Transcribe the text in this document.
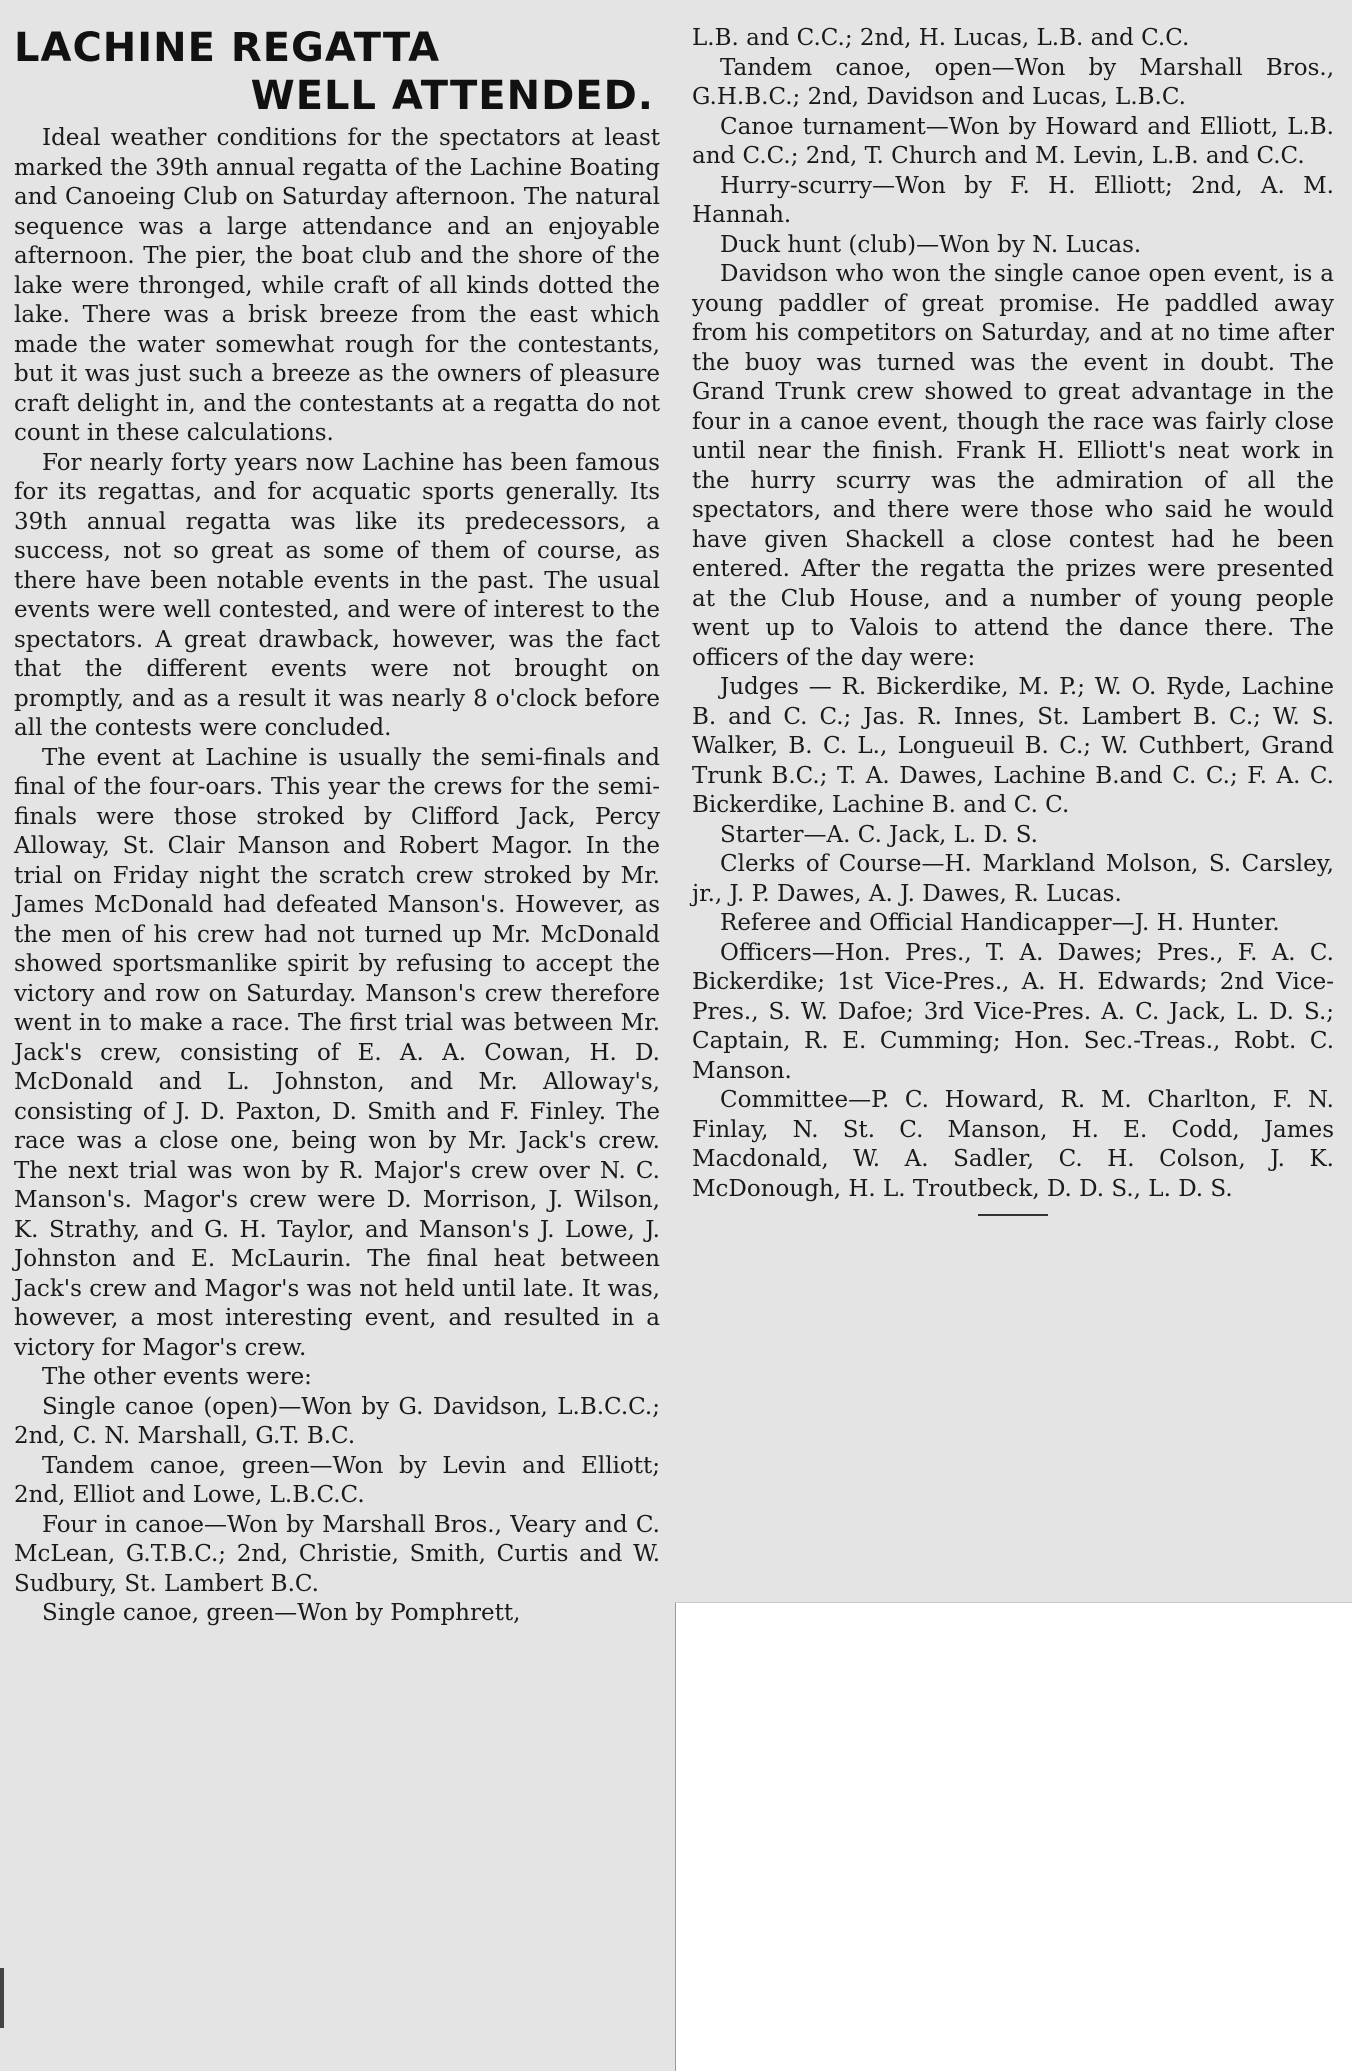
LACHINE REGATTA
WELL ATTENDED.

Ideal weather conditions for the spectators at least marked the 39th annual regatta of the Lachine Boating and Canoeing Club on Saturday afternoon. The natural sequence was a large attendance and an enjoyable afternoon. The pier, the boat club and the shore of the lake were thronged, while craft of all kinds dotted the lake. There was a brisk breeze from the east which made the water somewhat rough for the contestants, but it was just such a breeze as the owners of pleasure craft delight in, and the contestants at a regatta do not count in these calculations.

For nearly forty years now Lachine has been famous for its regattas, and for acquatic sports generally. Its 39th annual regatta was like its predecessors, a success, not so great as some of them of course, as there have been notable events in the past. The usual events were well contested, and were of interest to the spectators. A great drawback, however, was the fact that the different events were not brought on promptly, and as a result it was nearly 8 o'clock before all the contests were concluded.

The event at Lachine is usually the semi-finals and final of the four-oars. This year the crews for the semi-finals were those stroked by Clifford Jack, Percy Alloway, St. Clair Manson and Robert Magor. In the trial on Friday night the scratch crew stroked by Mr. James McDonald had defeated Manson's. However, as the men of his crew had not turned up Mr. McDonald showed sportsmanlike spirit by refusing to accept the victory and row on Saturday. Manson's crew therefore went in to make a race. The first trial was between Mr. Jack's crew, consisting of E. A. A. Cowan, H. D. McDonald and L. Johnston, and Mr. Alloway's, consisting of J. D. Paxton, D. Smith and F. Finley. The race was a close one, being won by Mr. Jack's crew. The next trial was won by R. Major's crew over N. C. Manson's. Magor's crew were D. Morrison, J. Wilson, K. Strathy, and G. H. Taylor, and Manson's J. Lowe, J. Johnston and E. McLaurin. The final heat between Jack's crew and Magor's was not held until late. It was, however, a most interesting event, and resulted in a victory for Magor's crew.

The other events were:

Single canoe (open)—Won by G. Davidson, L.B.C.C.; 2nd, C. N. Marshall, G.T. B.C.

Tandem canoe, green—Won by Levin and Elliott; 2nd, Elliot and Lowe, L.B.C.C.

Four in canoe—Won by Marshall Bros., Veary and C. McLean, G.T.B.C.; 2nd, Christie, Smith, Curtis and W. Sudbury, St. Lambert B.C.

Single canoe, green—Won by Pomphrett,

L.B. and C.C.; 2nd, H. Lucas, L.B. and C.C.

Tandem canoe, open—Won by Marshall Bros., G.H.B.C.; 2nd, Davidson and Lucas, L.B.C.

Canoe turnament—Won by Howard and Elliott, L.B. and C.C.; 2nd, T. Church and M. Levin, L.B. and C.C.

Hurry-scurry—Won by F. H. Elliott; 2nd, A. M. Hannah.

Duck hunt (club)—Won by N. Lucas.

Davidson who won the single canoe open event, is a young paddler of great promise. He paddled away from his competitors on Saturday, and at no time after the buoy was turned was the event in doubt. The Grand Trunk crew showed to great advantage in the four in a canoe event, though the race was fairly close until near the finish. Frank H. Elliott's neat work in the hurry scurry was the admiration of all the spectators, and there were those who said he would have given Shackell a close contest had he been entered. After the regatta the prizes were presented at the Club House, and a number of young people went up to Valois to attend the dance there. The officers of the day were:

Judges — R. Bickerdike, M. P.; W. O. Ryde, Lachine B. and C. C.; Jas. R. Innes, St. Lambert B. C.; W. S. Walker, B. C. L., Longueuil B. C.; W. Cuthbert, Grand Trunk B.C.; T. A. Dawes, Lachine B.and C. C.; F. A. C. Bickerdike, Lachine B. and C. C.

Starter—A. C. Jack, L. D. S.

Clerks of Course—H. Markland Molson, S. Carsley, jr., J. P. Dawes, A. J. Dawes, R. Lucas.

Referee and Official Handicapper—J. H. Hunter.

Officers—Hon. Pres., T. A. Dawes; Pres., F. A. C. Bickerdike; 1st Vice-Pres., A. H. Edwards; 2nd Vice-Pres., S. W. Dafoe; 3rd Vice-Pres. A. C. Jack, L. D. S.; Captain, R. E. Cumming; Hon. Sec.-Treas., Robt. C. Manson.

Committee—P. C. Howard, R. M. Charlton, F. N. Finlay, N. St. C. Manson, H. E. Codd, James Macdonald, W. A. Sadler, C. H. Colson, J. K. McDonough, H. L. Troutbeck, D. D. S., L. D. S.
